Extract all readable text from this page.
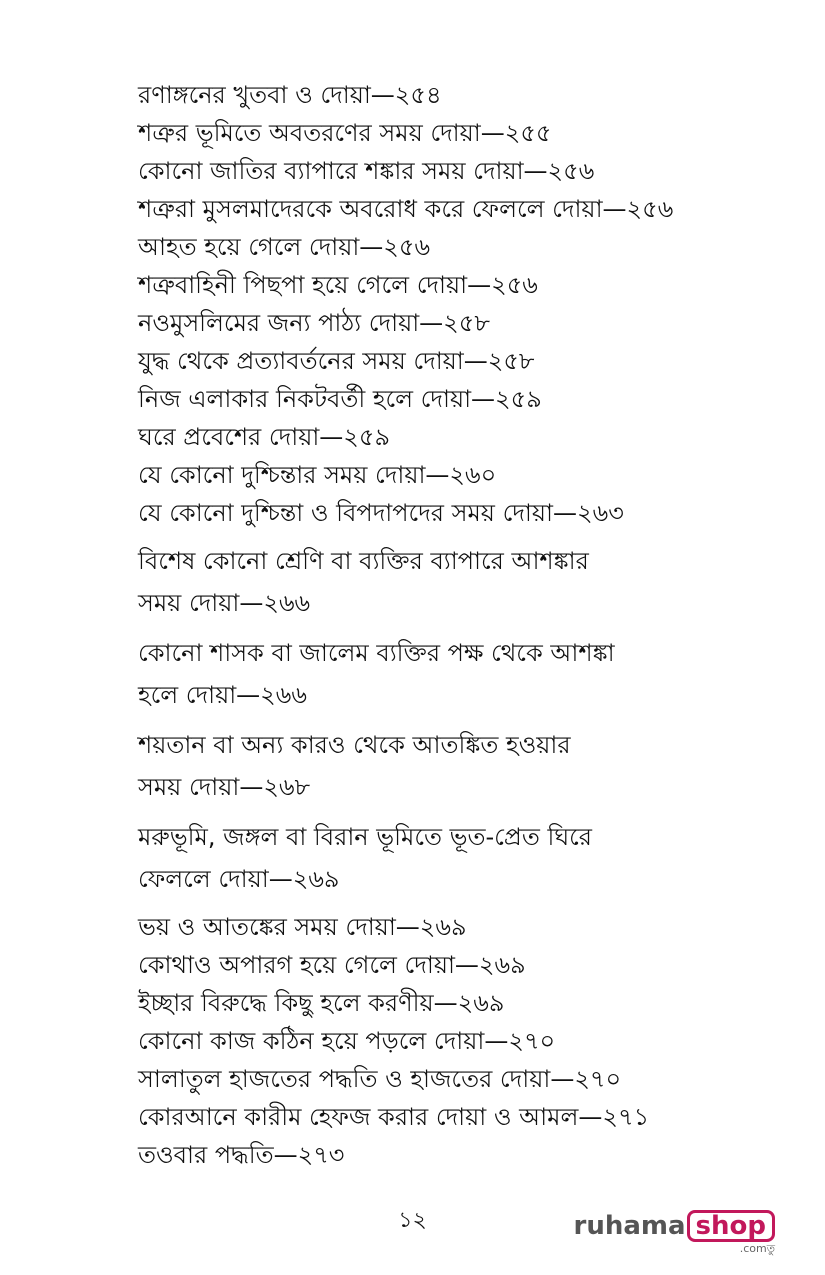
রণাঙ্গনের খুতবা ও দোয়া—২৫৪
শত্রুর ভূমিতে অবতরণের সময় দোয়া—২৫৫
কোনো জাতির ব্যাপারে শঙ্কার সময় দোয়া—২৫৬
শত্রুরা মুসলমাদেরকে অবরোধ করে ফেললে দোয়া—২৫৬
আহত হয়ে গেলে দোয়া—২৫৬
শত্রুবাহিনী পিছপা হয়ে গেলে দোয়া—২৫৬
নওমুসলিমের জন্য পাঠ্য দোয়া—২৫৮
যুদ্ধ থেকে প্রত্যাবর্তনের সময় দোয়া—২৫৮
নিজ এলাকার নিকটবর্তী হলে দোয়া—২৫৯
ঘরে প্রবেশের দোয়া—২৫৯
যে কোনো দুশ্চিন্তার সময় দোয়া—২৬০
যে কোনো দুশ্চিন্তা ও বিপদাপদের সময় দোয়া—২৬৩
বিশেষ কোনো শ্রেণি বা ব্যক্তির ব্যাপারে আশঙ্কার
সময় দোয়া—২৬৬
কোনো শাসক বা জালেম ব্যক্তির পক্ষ থেকে আশঙ্কা
হলে দোয়া—২৬৬
শয়তান বা অন্য কারও থেকে আতঙ্কিত হওয়ার
সময় দোয়া—২৬৮
মরুভূমি, জঙ্গল বা বিরান ভূমিতে ভূত-প্রেত ঘিরে
ফেললে দোয়া—২৬৯
ভয় ও আতঙ্কের সময় দোয়া—২৬৯
কোথাও অপারগ হয়ে গেলে দোয়া—২৬৯
ইচ্ছার বিরুদ্ধে কিছু হলে করণীয়—২৬৯
কোনো কাজ কঠিন হয়ে পড়লে দোয়া—২৭০
সালাতুল হাজতের পদ্ধতি ও হাজতের দোয়া—২৭০
কোরআনে কারীম হেফজ করার দোয়া ও আমল—২৭১
তওবার পদ্ধতি—২৭৩
১২	ruhama shop
.comতু
